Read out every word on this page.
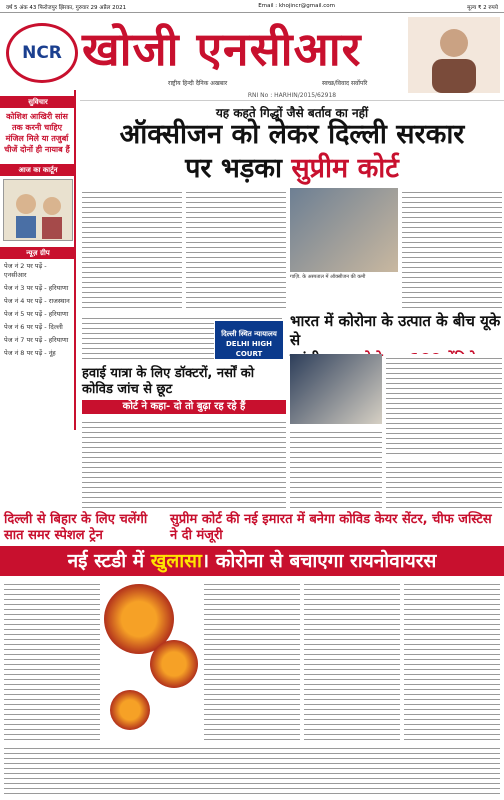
वर्ष 5 अंक 43 फिरोजपुर झिरका, गुरुवार 29 अप्रैल 2021	Email : khojincr@gmail.com	मूल्य ₹ 2 रुपये
NCR खोजी एनसीआर
राष्ट्रीय हिन्दी दैनिक अखबार	स्वच्छ/विवाद सर्वोपरि
सुविचार
कोशिश आखिरी सांस तक करनी चाहिए मंजिल मिले या तजुर्बा चीजें दोनों ही नायाब हैं
आज का कार्टून
न्यूज़ ग्रीप
पेज नं 2 पर पढ़ें - एनसीआर
पेज नं 3 पर पढ़ें - हरियाणा
पेज नं 4 पर पढ़ें - राजस्थान
पेज नं 5 पर पढ़ें - हरियाणा
पेज नं 6 पर पढ़ें - दिल्ली
पेज नं 7 पर पढ़ें - हरियाणा
पेज नं 8 पर पढ़ें - नूंह
RNI No : HARHIN/2015/62918
यह कहते गिद्धों जैसे बर्ताव का नहीं
ऑक्सीजन को लेकर दिल्ली सरकार
पर भड़का सुप्रीम कोर्ट
गाज़ि. के अस्पताल में ऑक्सीजन की कमी
भारत में कोरोना के उत्पात के बीच यूके से
हवाई यात्रा के लिए डॉक्टरों, नर्सों को कोविड जांच से छूट
कोर्ट ने कहा- दो तो बुढ़ा रह रहे हैं
दिल्ली स्थित न्यायालय DELHI HIGH COURT
दिल्ली से बिहार के लिए चलेंगी सात समर स्पेशल ट्रेन
सुप्रीम कोर्ट की नई इमारत में बनेगा कोविड केयर सेंटर, चीफ जस्टिस ने दी मंजूरी
नई स्टडी में खुलासा। कोरोना से बचाएगा रायनोवायरस
